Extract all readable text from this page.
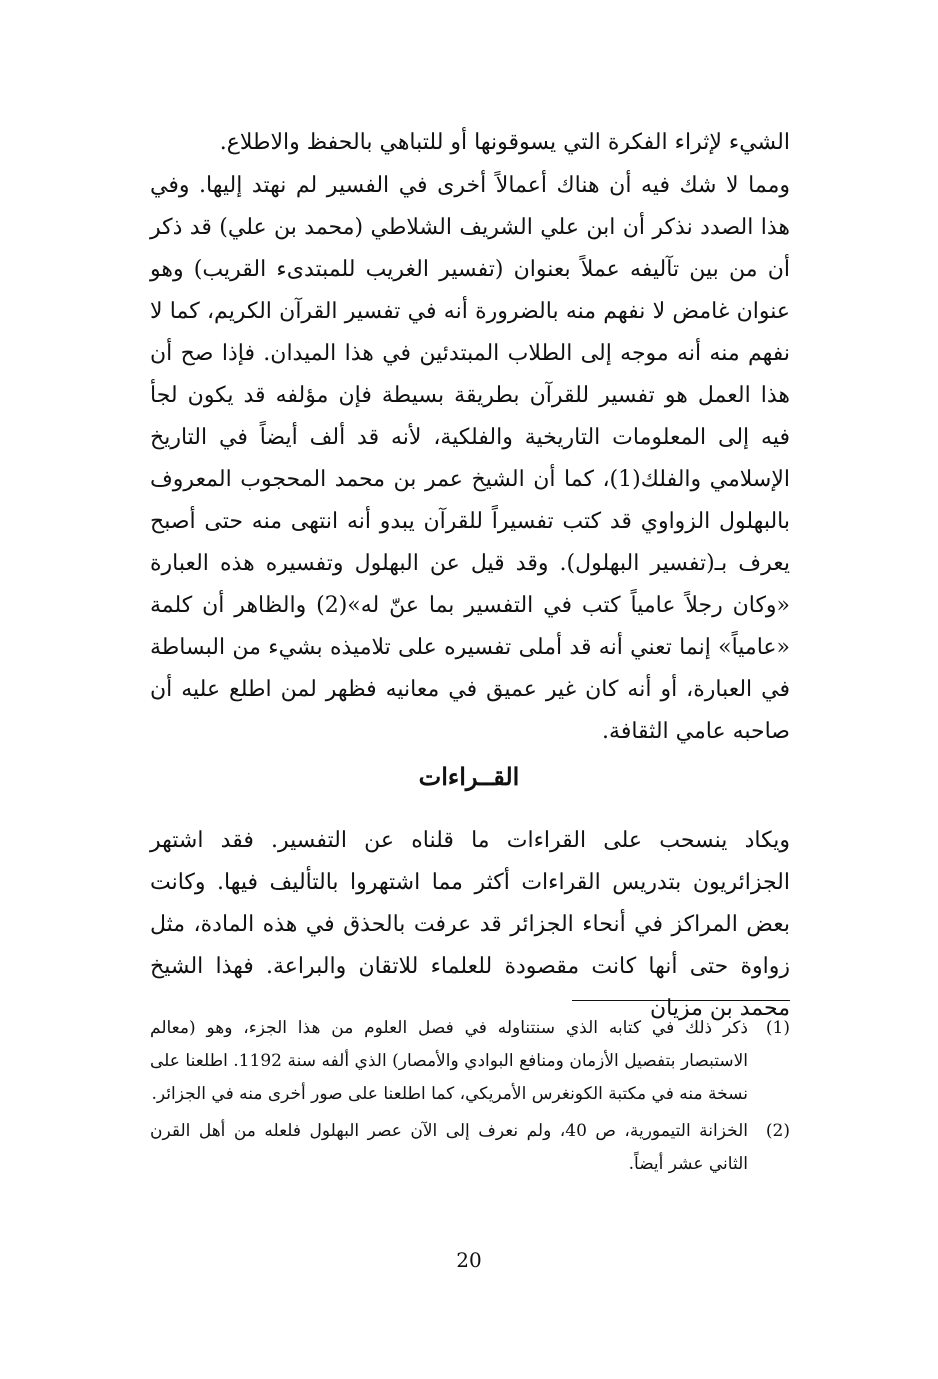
الشيء لإثراء الفكرة التي يسوقونها أو للتباهي بالحفظ والاطلاع.

ومما لا شك فيه أن هناك أعمالاً أخرى في الفسير لم نهتد إليها. وفي هذا الصدد نذكر أن ابن علي الشريف الشلاطي (محمد بن علي) قد ذكر أن من بين تآليفه عملاً بعنوان (تفسير الغريب للمبتدىء القريب) وهو عنوان غامض لا نفهم منه بالضرورة أنه في تفسير القرآن الكريم، كما لا نفهم منه أنه موجه إلى الطلاب المبتدئين في هذا الميدان. فإذا صح أن هذا العمل هو تفسير للقرآن بطريقة بسيطة فإن مؤلفه قد يكون لجأ فيه إلى المعلومات التاريخية والفلكية، لأنه قد ألف أيضاً في التاريخ الإسلامي والفلك(1)، كما أن الشيخ عمر بن محمد المحجوب المعروف بالبهلول الزواوي قد كتب تفسيراً للقرآن يبدو أنه انتهى منه حتى أصبح يعرف بـ(تفسير البهلول). وقد قيل عن البهلول وتفسيره هذه العبارة «وكان رجلاً عامياً كتب في التفسير بما عنّ له»(2) والظاهر أن كلمة «عامياً» إنما تعني أنه قد أملى تفسيره على تلاميذه بشيء من البساطة في العبارة، أو أنه كان غير عميق في معانيه فظهر لمن اطلع عليه أن صاحبه عامي الثقافة.

القــراءات

ويكاد ينسحب على القراءات ما قلناه عن التفسير. فقد اشتهر الجزائريون بتدريس القراءات أكثر مما اشتهروا بالتأليف فيها. وكانت بعض المراكز في أنحاء الجزائر قد عرفت بالحذق في هذه المادة، مثل زواوة حتى أنها كانت مقصودة للعلماء للاتقان والبراعة. فهذا الشيخ محمد بن مزيان

(1)
ذكر ذلك في كتابه الذي سنتناوله في فصل العلوم من هذا الجزء، وهو (معالم الاستبصار بتفصيل الأزمان ومنافع البوادي والأمصار) الذي ألفه سنة 1192. اطلعنا على نسخة منه في مكتبة الكونغرس الأمريكي، كما اطلعنا على صور أخرى منه في الجزائر.
(2)
الخزانة التيمورية، ص 40، ولم نعرف إلى الآن عصر البهلول فلعله من أهل القرن الثاني عشر أيضاً.
20
